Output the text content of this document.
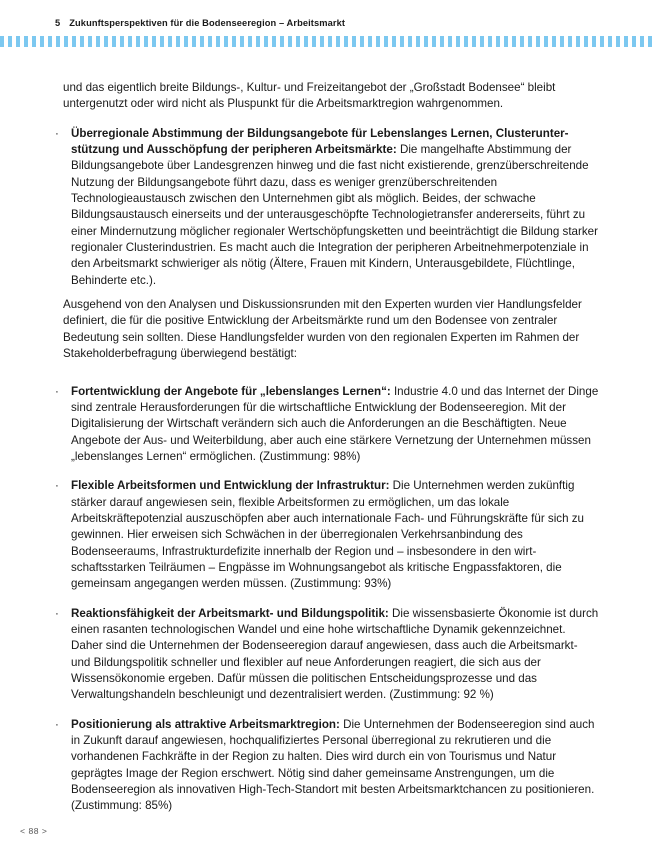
5 Zukunftsperspektiven für die Bodenseeregion – Arbeitsmarkt

und das eigentlich breite Bildungs-, Kultur- und Freizeitangebot der „Großstadt Bodensee“ bleibt untergenutzt oder wird nicht als Pluspunkt für die Arbeitsmarktregion wahrgenommen.

·	Überregionale Abstimmung der Bildungsangebote für Lebenslanges Lernen, Clusterunterstützung und Ausschöpfung der peripheren Arbeitsmärkte: Die mangelhafte Abstimmung der Bildungsangebote über Landesgrenzen hinweg und die fast nicht existierende, grenzüberschreitende Nutzung der Bildungsangebote führt dazu, dass es weniger grenzüberschreitenden Technologieaustausch zwischen den Unternehmen gibt als möglich. Beides, der schwache Bildungsaustausch einerseits und der unterausgeschöpfte Technologietransfer andererseits, führt zu einer Mindernutzung möglicher regionaler Wertschöpfungsketten und beeinträchtigt die Bildung starker regionaler Clusterindustrien. Es macht auch die Integration der peripheren Arbeitnehmerpotenziale in den Arbeitsmarkt schwieriger als nötig (Ältere, Frauen mit Kindern, Unterausgebildete, Flüchtlinge, Behinderte etc.).

Ausgehend von den Analysen und Diskussionsrunden mit den Experten wurden vier Handlungsfelder definiert, die für die positive Entwicklung der Arbeitsmärkte rund um den Bodensee von zentraler Bedeutung sein sollten. Diese Handlungsfelder wurden von den regionalen Experten im Rahmen der Stakeholderbefragung überwiegend bestätigt:

·	Fortentwicklung der Angebote für „lebenslanges Lernen“: Industrie 4.0 und das Internet der Dinge sind zentrale Herausforderungen für die wirtschaftliche Entwicklung der Bodenseeregion. Mit der Digitalisierung der Wirtschaft verändern sich auch die Anforderungen an die Beschäftigten. Neue Angebote der Aus- und Weiterbildung, aber auch eine stärkere Vernetzung der Unternehmen müssen „lebenslanges Lernen“ ermöglichen. (Zustimmung: 98%)
·	Flexible Arbeitsformen und Entwicklung der Infrastruktur: Die Unternehmen werden zukünftig stärker darauf angewiesen sein, flexible Arbeitsformen zu ermöglichen, um das lokale Arbeitskräftepotenzial auszuschöpfen aber auch internationale Fach- und Führungskräfte für sich zu gewinnen. Hier erweisen sich Schwächen in der überregionalen Verkehrsanbindung des Bodenseeraums, Infrastrukturdefizite innerhalb der Region und – insbesondere in den wirtschaftsstarken Teilräumen – Engpässe im Wohnungsangebot als kritische Engpassfaktoren, die gemeinsam angegangen werden müssen. (Zustimmung: 93%)
·	Reaktionsfähigkeit der Arbeitsmarkt- und Bildungspolitik: Die wissensbasierte Ökonomie ist durch einen rasanten technologischen Wandel und eine hohe wirtschaftliche Dynamik gekennzeichnet. Daher sind die Unternehmen der Bodenseeregion darauf angewiesen, dass auch die Arbeitsmarkt- und Bildungspolitik schneller und flexibler auf neue Anforderungen reagiert, die sich aus der Wissensökonomie ergeben. Dafür müssen die politischen Entscheidungsprozesse und das Verwaltungshandeln beschleunigt und dezentralisiert werden. (Zustimmung: 92 %)
·	Positionierung als attraktive Arbeitsmarktregion: Die Unternehmen der Bodenseeregion sind auch in Zukunft darauf angewiesen, hochqualifiziertes Personal überregional zu rekrutieren und die vorhandenen Fachkräfte in der Region zu halten. Dies wird durch ein von Tourismus und Natur geprägtes Image der Region erschwert. Nötig sind daher gemeinsame Anstrengungen, um die Bodenseeregion als innovativen High-Tech-Standort mit besten Arbeitsmarktchancen zu positionieren. (Zustimmung: 85%)
< 88 >
